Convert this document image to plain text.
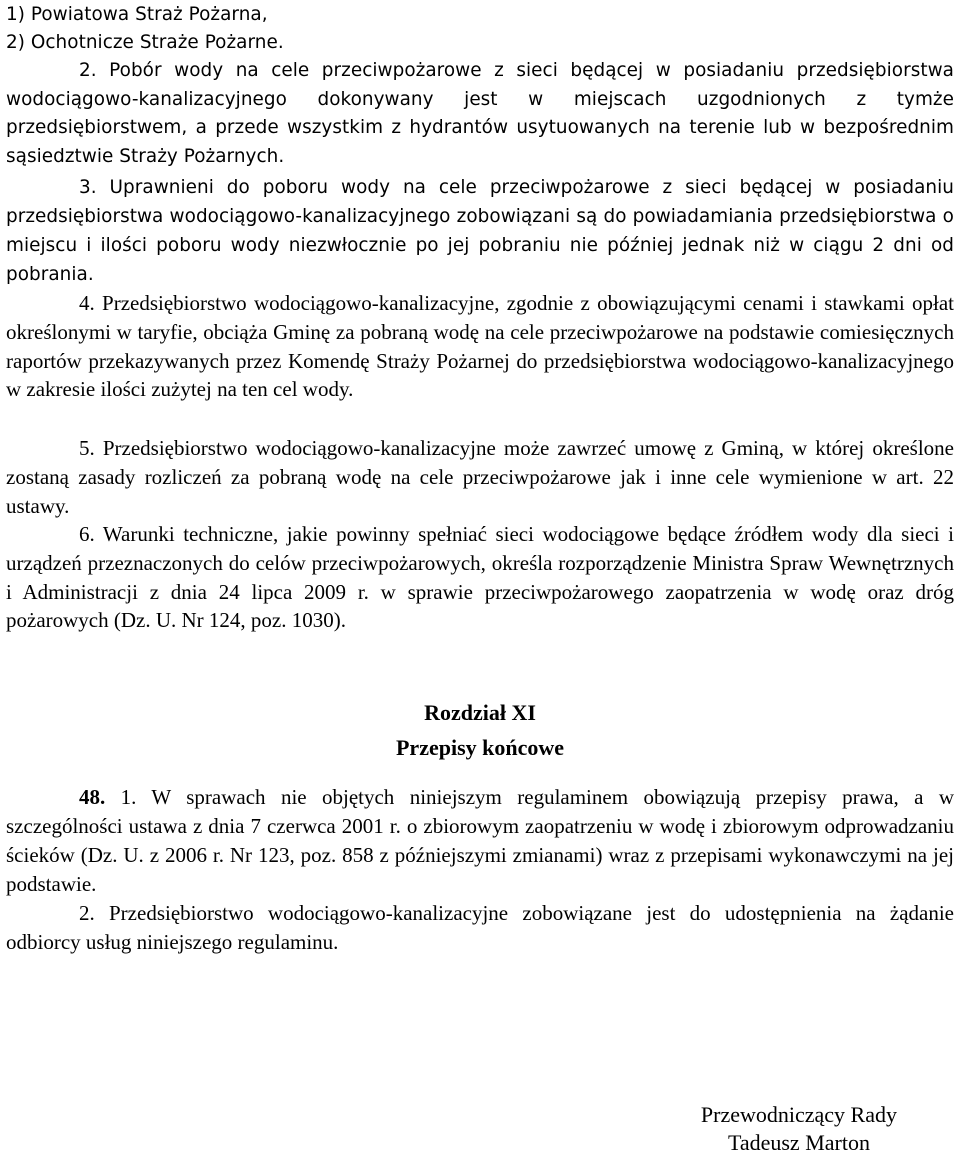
1) Powiatowa Straż Pożarna,
2) Ochotnicze Straże Pożarne.

2. Pobór wody na cele przeciwpożarowe z sieci będącej w posiadaniu przedsiębiorstwa wodociągowo-kanalizacyjnego dokonywany jest w miejscach uzgodnionych z tymże przedsiębiorstwem, a przede wszystkim z hydrantów usytuowanych na terenie lub w bezpośrednim sąsiedztwie Straży Pożarnych.

3. Uprawnieni do poboru wody na cele przeciwpożarowe z sieci będącej w posiadaniu przedsiębiorstwa wodociągowo-kanalizacyjnego zobowiązani są do powiadamiania przedsiębiorstwa o miejscu i ilości poboru wody niezwłocznie po jej pobraniu nie później jednak niż w ciągu 2 dni od pobrania.

4. Przedsiębiorstwo wodociągowo-kanalizacyjne, zgodnie z obowiązującymi cenami i stawkami opłat określonymi w taryfie, obciąża Gminę za pobraną wodę na cele przeciwpożarowe na podstawie comiesięcznych raportów przekazywanych przez Komendę Straży Pożarnej do przedsiębiorstwa wodociągowo-kanalizacyjnego w zakresie ilości zużytej na ten cel wody.

5. Przedsiębiorstwo wodociągowo-kanalizacyjne może zawrzeć umowę z Gminą, w której określone zostaną zasady rozliczeń za pobraną wodę na cele przeciwpożarowe jak i inne cele wymienione w art. 22 ustawy.

6. Warunki techniczne, jakie powinny spełniać sieci wodociągowe będące źródłem wody dla sieci i urządzeń przeznaczonych do celów przeciwpożarowych, określa rozporządzenie Ministra Spraw Wewnętrznych i Administracji z dnia 24 lipca 2009 r. w sprawie przeciwpożarowego zaopatrzenia w wodę oraz dróg pożarowych (Dz. U. Nr 124, poz. 1030).

Rozdział XI

Przepisy końcowe

48. 1. W sprawach nie objętych niniejszym regulaminem obowiązują przepisy prawa, a w szczególności ustawa z dnia 7 czerwca 2001 r. o zbiorowym zaopatrzeniu w wodę i zbiorowym odprowadzaniu ścieków (Dz. U. z 2006 r. Nr 123, poz. 858 z późniejszymi zmianami) wraz z przepisami wykonawczymi na jej podstawie.

2. Przedsiębiorstwo wodociągowo-kanalizacyjne zobowiązane jest do udostępnienia na żądanie odbiorcy usług niniejszego regulaminu.

Przewodniczący Rady
Tadeusz Marton
